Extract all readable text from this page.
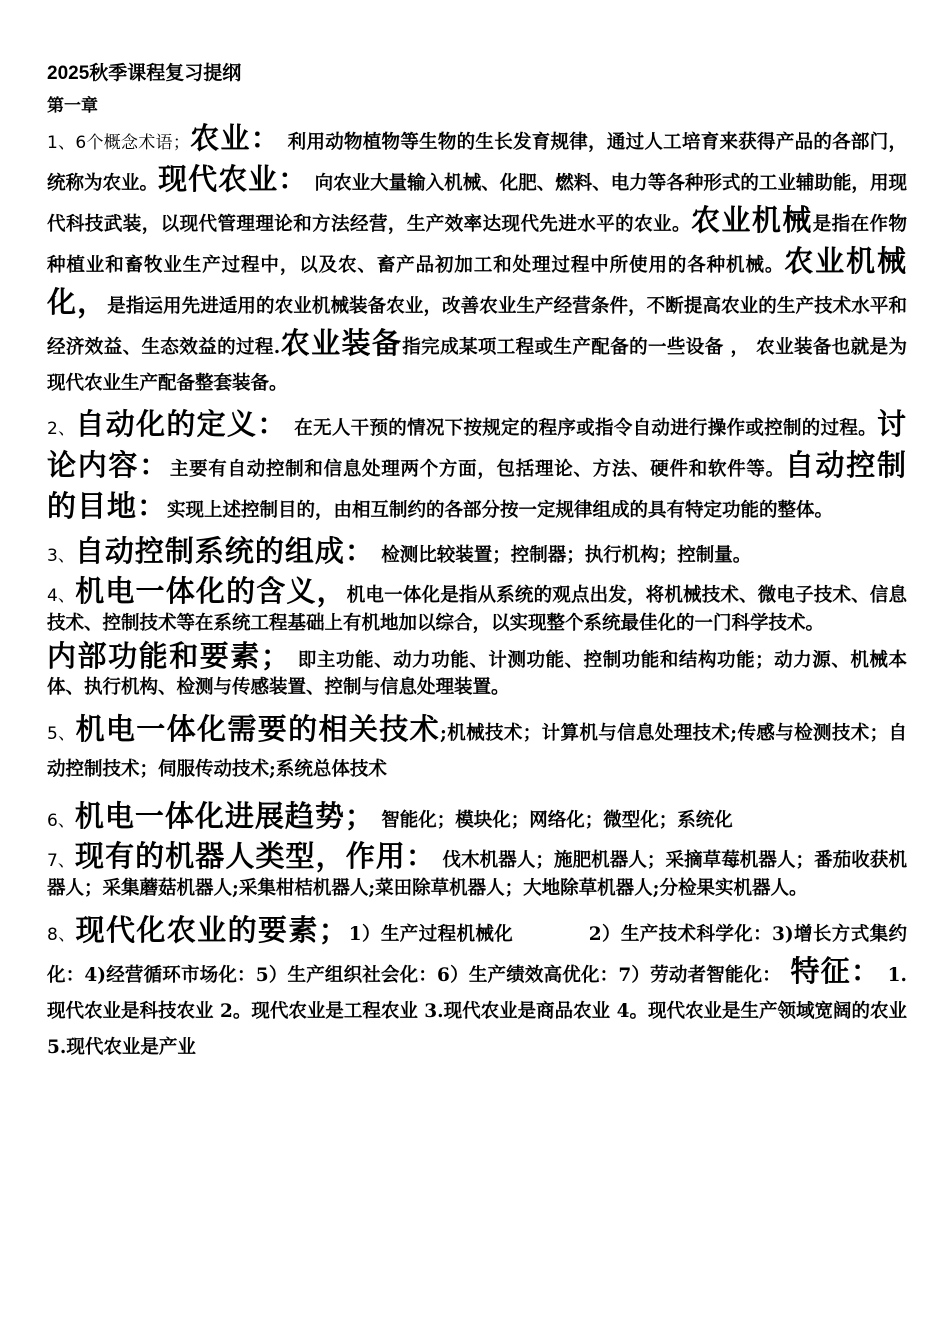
2025秋季课程复习提纲
第一章

1、6个概念术语；农业： 利用动物植物等生物的生长发育规律，通过人工培育来获得产品的各部门，统称为农业。现代农业： 向农业大量输入机械、化肥、燃料、电力等各种形式的工业辅助能，用现代科技武装，以现代管理理论和方法经营，生产效率达现代先进水平的农业。农业机械是指在作物种植业和畜牧业生产过程中，以及农、畜产品初加工和处理过程中所使用的各种机械。农业机械化，是指运用先进适用的农业机械装备农业，改善农业生产经营条件，不断提高农业的生产技术水平和经济效益、生态效益的过程.农业装备指完成某项工程或生产配备的一些设备 ， 农业装备也就是为现代农业生产配备整套装备。

2、自动化的定义： 在无人干预的情况下按规定的程序或指令自动进行操作或控制的过程。讨论内容：主要有自动控制和信息处理两个方面，包括理论、方法、硬件和软件等。自动控制的目地：实现上述控制目的，由相互制约的各部分按一定规律组成的具有特定功能的整体。

3、自动控制系统的组成： 检测比较装置；控制器；执行机构；控制量。

4、机电一体化的含义，机电一体化是指从系统的观点出发，将机械技术、微电子技术、信息技术、控制技术等在系统工程基础上有机地加以综合，以实现整个系统最佳化的一门科学技术。

内部功能和要素； 即主功能、动力功能、计测功能、控制功能和结构功能；动力源、机械本体、执行机构、检测与传感装置、控制与信息处理装置。

5、机电一体化需要的相关技术;机械技术；计算机与信息处理技术;传感与检测技术；自动控制技术；伺服传动技术;系统总体技术

6、机电一体化进展趋势； 智能化；模块化；网络化；微型化；系统化

7、现有的机器人类型，作用： 伐木机器人；施肥机器人；采摘草莓机器人；番茄收获机器人；采集蘑菇机器人;采集柑桔机器人;菜田除草机器人；大地除草机器人;分检果实机器人。

8、现代化农业的要素；1）生产过程机械化　　　　2）生产技术科学化：3)增长方式集约化：4)经营循环市场化：5）生产组织社会化：6）生产绩效高优化：7）劳动者智能化：　特征： 1.现代农业是科技农业 2。现代农业是工程农业 3.现代农业是商品农业 4。现代农业是生产领域宽阔的农业 5.现代农业是产业
